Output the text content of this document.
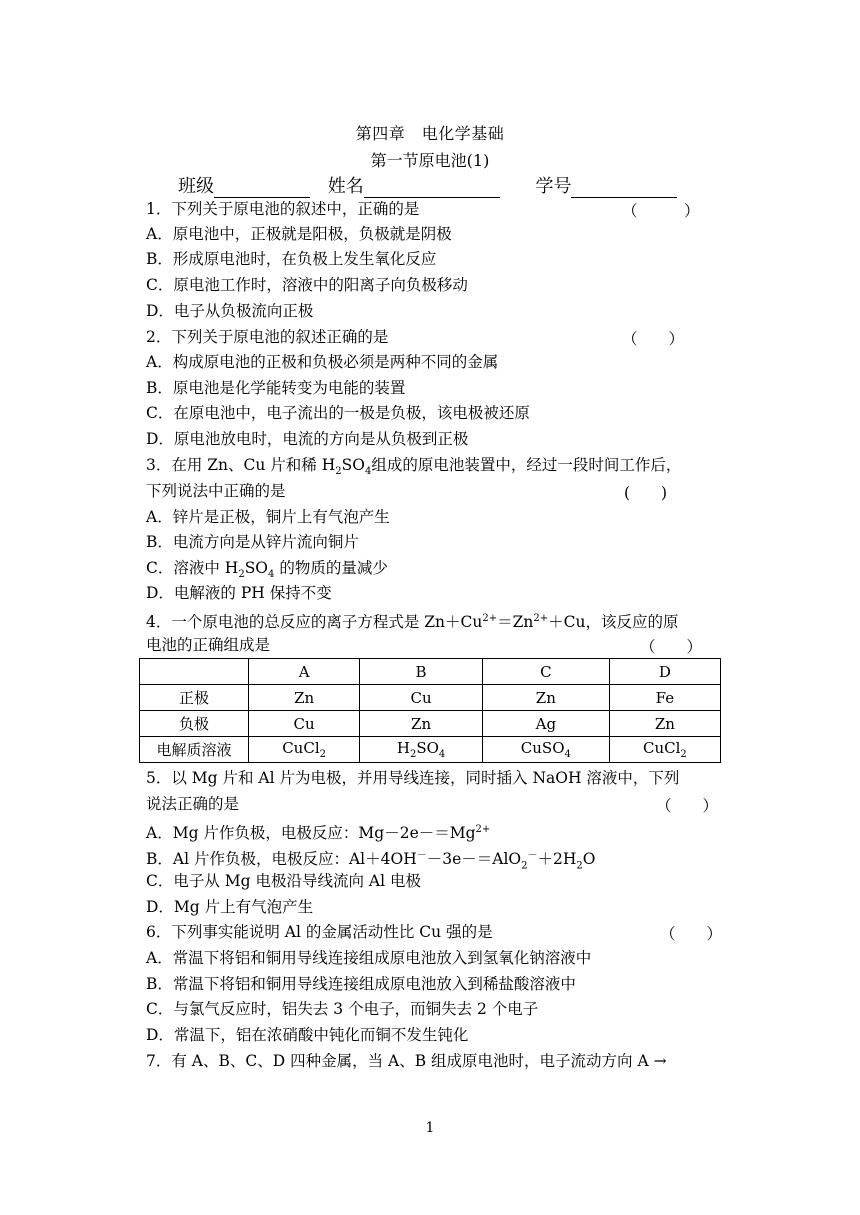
第四章　电化学基础
第一节原电池(1)
班级	姓名	学号
1．下列关于原电池的叙述中，正确的是	（　　　）
A．原电池中，正极就是阳极，负极就是阴极
B．形成原电池时，在负极上发生氧化反应
C．原电池工作时，溶液中的阳离子向负极移动
D．电子从负极流向正极
2．下列关于原电池的叙述正确的是	（　　）
A．构成原电池的正极和负极必须是两种不同的金属
B．原电池是化学能转变为电能的装置
C．在原电池中，电子流出的一极是负极，该电极被还原
D．原电池放电时，电流的方向是从负极到正极
3．在用 Zn、Cu 片和稀 $H_2SO_4$组成的原电池装置中，经过一段时间工作后，
下列说法中正确的是	(　　)
A．锌片是正极，铜片上有气泡产生
B．电流方向是从锌片流向铜片
C．溶液中 $H_2SO_4$ 的物质的量减少
D．电解液的 PH 保持不变
4．一个原电池的总反应的离子方程式是 $Zn+Cu^{2+}=Zn^{2+}+Cu$，该反应的原
电池的正确组成是	（　　）
	A	B	C	D
正极	Zn	Cu	Zn	Fe
负极	Cu	Zn	Ag	Zn
电解质溶液	CuCl$_2$	$H_2SO_4$	CuSO$_4$	CuCl$_2$
5．以 Mg 片和 Al 片为电极，并用导线连接，同时插入 NaOH 溶液中，下列
说法正确的是	（　　）
A．Mg 片作负极，电极反应：$Mg-2e-=Mg^{2+}$
B．Al 片作负极，电极反应：$Al+4OH^--3e-=AlO_2^-+2H_2O$
C．电子从 Mg 电极沿导线流向 Al 电极
D．Mg 片上有气泡产生
6．下列事实能说明 Al 的金属活动性比 Cu 强的是	（　　）
A．常温下将铝和铜用导线连接组成原电池放入到氢氧化钠溶液中
B．常温下将铝和铜用导线连接组成原电池放入到稀盐酸溶液中
C．与氯气反应时，铝失去 3 个电子，而铜失去 2 个电子
D．常温下，铝在浓硝酸中钝化而铜不发生钝化
7．有 A、B、C、D 四种金属，当 A、B 组成原电池时，电子流动方向 A →
1
